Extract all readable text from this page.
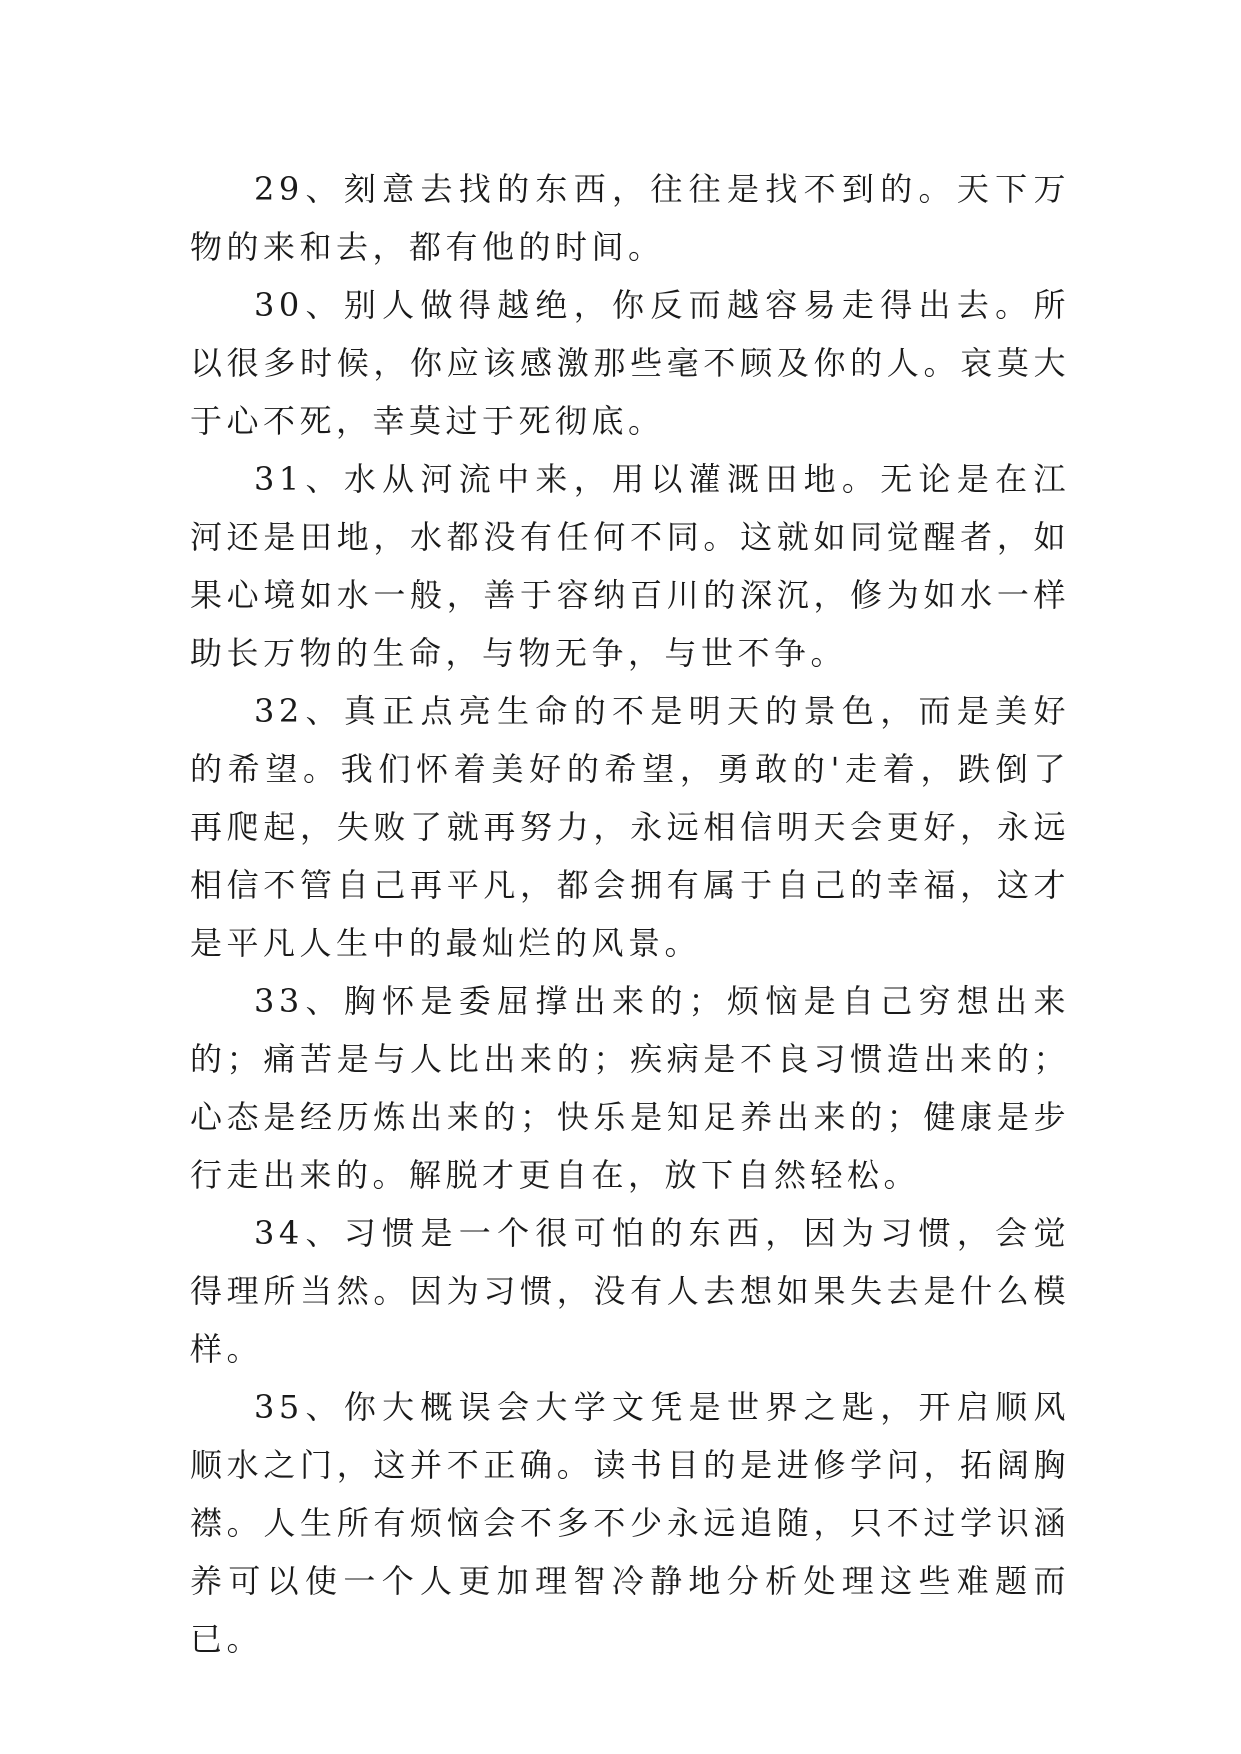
29、刻意去找的东西，往往是找不到的。天下万物的来和去，都有他的时间。

30、别人做得越绝，你反而越容易走得出去。所以很多时候，你应该感激那些毫不顾及你的人。哀莫大于心不死，幸莫过于死彻底。

31、水从河流中来，用以灌溉田地。无论是在江河还是田地，水都没有任何不同。这就如同觉醒者，如果心境如水一般，善于容纳百川的深沉，修为如水一样助长万物的生命，与物无争，与世不争。

32、真正点亮生命的不是明天的景色，而是美好的希望。我们怀着美好的希望，勇敢的'走着，跌倒了再爬起，失败了就再努力，永远相信明天会更好，永远相信不管自己再平凡，都会拥有属于自己的幸福，这才是平凡人生中的最灿烂的风景。

33、胸怀是委屈撑出来的；烦恼是自己穷想出来的；痛苦是与人比出来的；疾病是不良习惯造出来的；心态是经历炼出来的；快乐是知足养出来的；健康是步行走出来的。解脱才更自在，放下自然轻松。

34、习惯是一个很可怕的东西，因为习惯，会觉得理所当然。因为习惯，没有人去想如果失去是什么模样。

35、你大概误会大学文凭是世界之匙，开启顺风顺水之门，这并不正确。读书目的是进修学问，拓阔胸襟。人生所有烦恼会不多不少永远追随，只不过学识涵养可以使一个人更加理智冷静地分析处理这些难题而已。
